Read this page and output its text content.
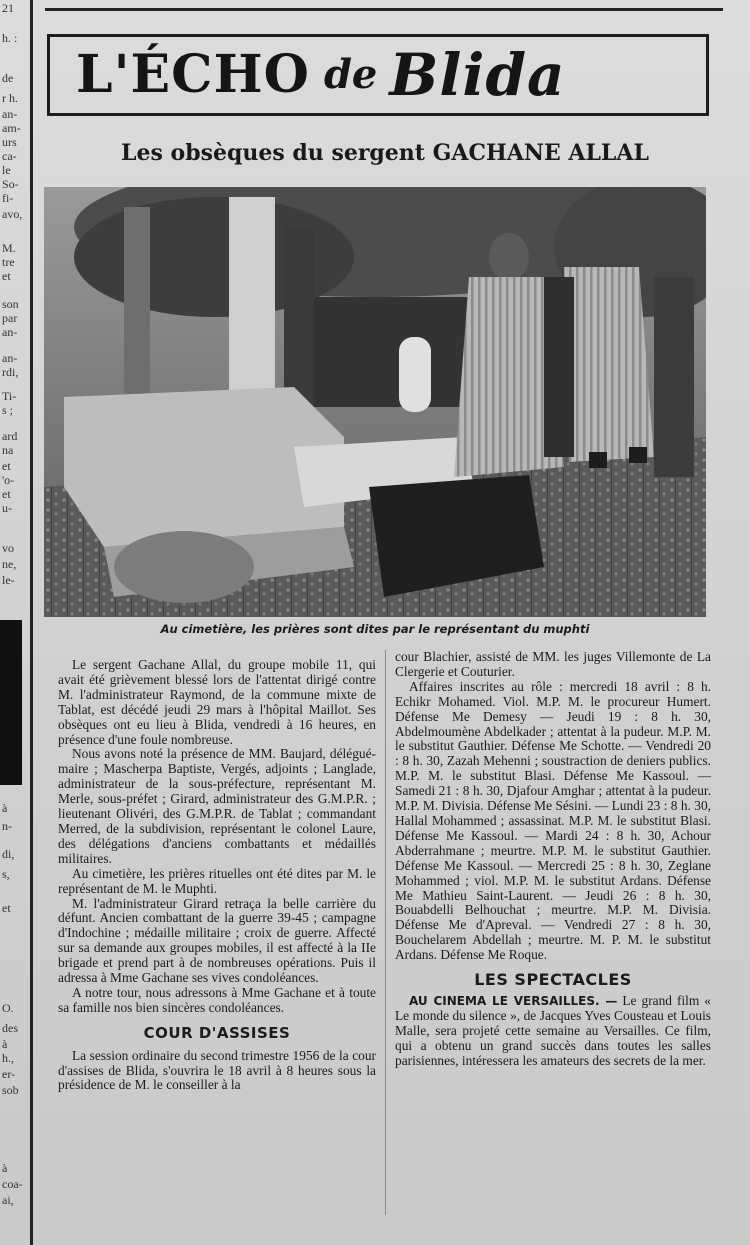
21
h. :
de
r h.
an-
am-
urs
ca-
le
So-
fi-
avo,
M.
tre
et
son
par
an-
an-
rdi,
Ti-
s ;
ard
na
et
'o-
et
u-
vo
ne,
le-
à
n-
di,
s,
et
O.
des
à
h.,
er-
sob
à
coa-
ai,
L'ÉCHO de Blida
Les obsèques du sergent GACHANE ALLAL
Au cimetière, les prières sont dites par le représentant du muphti

Le sergent Gachane Allal, du groupe mobile 11, qui avait été grièvement blessé lors de l'attentat dirigé contre M. l'administrateur Raymond, de la commune mixte de Tablat, est décédé jeudi 29 mars à l'hôpital Maillot. Ses obsèques ont eu lieu à Blida, vendredi à 16 heures, en présence d'une foule nombreuse.

Nous avons noté la présence de MM. Baujard, délégué-maire ; Mascherpa Baptiste, Vergés, adjoints ; Langlade, administrateur de la sous-préfecture, représentant M. Merle, sous-préfet ; Girard, administrateur des G.M.P.R. ; lieutenant Olivéri, des G.M.P.R. de Tablat ; commandant Merred, de la subdivision, représentant le colonel Laure, des délégations d'anciens combattants et médaillés militaires.

Au cimetière, les prières rituelles ont été dites par M. le représentant de M. le Muphti.

M. l'administrateur Girard retraça la belle carrière du défunt. Ancien combattant de la guerre 39-45 ; campagne d'Indochine ; médaille militaire ; croix de guerre. Affecté sur sa demande aux groupes mobiles, il est affecté à la IIe brigade et prend part à de nombreuses opérations. Puis il adressa à Mme Gachane ses vives condoléances.

A notre tour, nous adressons à Mme Gachane et à toute sa famille nos bien sincères condoléances.

COUR D'ASSISES

La session ordinaire du second trimestre 1956 de la cour d'assises de Blida, s'ouvrira le 18 avril à 8 heures sous la présidence de M. le conseiller à la

cour Blachier, assisté de MM. les juges Villemonte de La Clergerie et Couturier.

Affaires inscrites au rôle : mercredi 18 avril : 8 h. Echikr Mohamed. Viol. M.P. M. le procureur Humert. Défense Me Demesy — Jeudi 19 : 8 h. 30, Abdelmoumène Abdelkader ; attentat à la pudeur. M.P. M. le substitut Gauthier. Défense Me Schotte. — Vendredi 20 : 8 h. 30, Zazah Mehenni ; soustraction de deniers publics. M.P. M. le substitut Blasi. Défense Me Kassoul. — Samedi 21 : 8 h. 30, Djafour Amghar ; attentat à la pudeur. M.P. M. Divisia. Défense Me Sésini. — Lundi 23 : 8 h. 30, Hallal Mohammed ; assassinat. M.P. M. le substitut Blasi. Défense Me Kassoul. — Mardi 24 : 8 h. 30, Achour Abderrahmane ; meurtre. M.P. M. le substitut Gauthier. Défense Me Kassoul. — Mercredi 25 : 8 h. 30, Zeglane Mohammed ; viol. M.P. M. le substitut Ardans. Défense Me Mathieu Saint-Laurent. — Jeudi 26 : 8 h. 30, Bouabdelli Belhouchat ; meurtre. M.P. M. Divisia. Défense Me d'Apreval. — Vendredi 27 : 8 h. 30, Bouchelarem Abdellah ; meurtre. M. P. M. le substitut Ardans. Défense Me Roque.

LES SPECTACLES

AU CINEMA LE VERSAILLES. — Le grand film « Le monde du silence », de Jacques Yves Cousteau et Louis Malle, sera projeté cette semaine au Versailles. Ce film, qui a obtenu un grand succès dans toutes les salles parisiennes, intéressera les amateurs des secrets de la mer.
